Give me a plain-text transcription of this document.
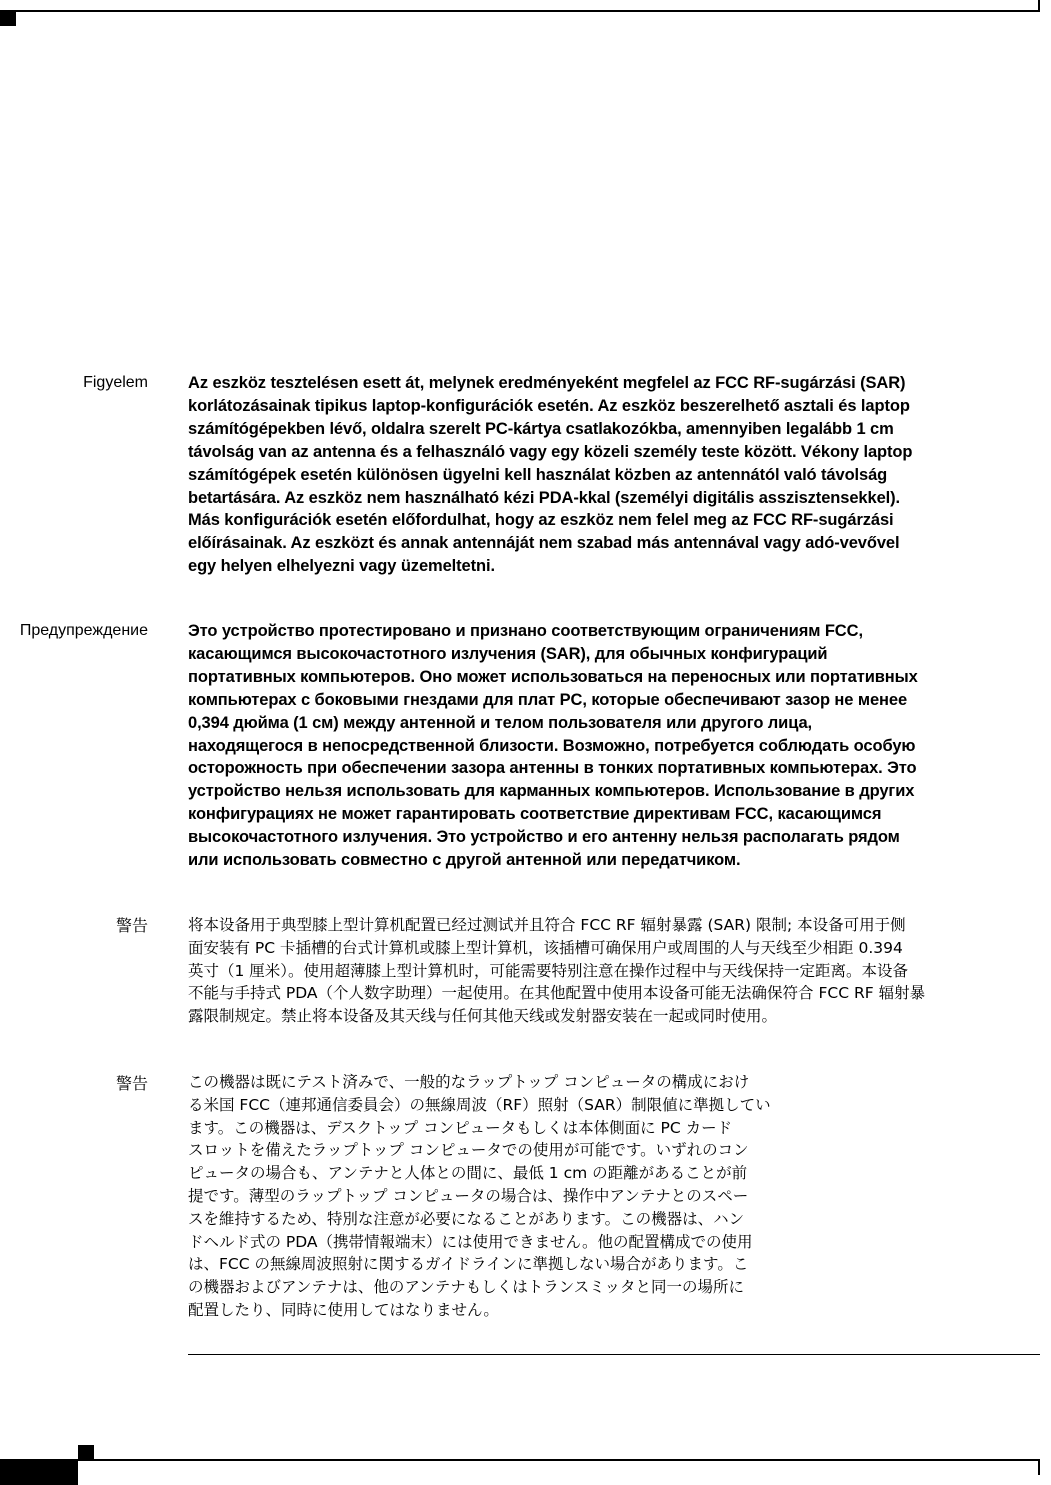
Figyelem Az eszköz tesztelésen esett át, melynek eredményeként megfelel az FCC RF-sugárzási (SAR)
korlátozásainak tipikus laptop-konfigurációk esetén. Az eszköz beszerelhető asztali és laptop
számítógépekben lévő, oldalra szerelt PC-kártya csatlakozókba, amennyiben legalább 1 cm
távolság van az antenna és a felhasználó vagy egy közeli személy teste között. Vékony laptop
számítógépek esetén különösen ügyelni kell használat közben az antennától való távolság
betartására. Az eszköz nem használható kézi PDA-kkal (személyi digitális asszisztensekkel).
Más konfigurációk esetén előfordulhat, hogy az eszköz nem felel meg az FCC RF-sugárzási
előírásainak. Az eszközt és annak antennáját nem szabad más antennával vagy adó-vevővel
egy helyen elhelyezni vagy üzemeltetni.
Предупреждение Это устройство протестировано и признано соответствующим ограничениям FCC,
касающимся высокочастотного излучения (SAR), для обычных конфигураций
портативных компьютеров. Оно может использоваться на переносных или портативных
компьютерах с боковыми гнездами для плат PC, которые обеспечивают зазор не менее
0,394 дюйма (1 см) между антенной и телом пользователя или другого лица,
находящегося в непосредственной близости. Возможно, потребуется соблюдать особую
осторожность при обеспечении зазора антенны в тонких портативных компьютерах. Это
устройство нельзя использовать для карманных компьютеров. Использование в других
конфигурациях не может гарантировать соответствие директивам FCC, касающимся
высокочастотного излучения. Это устройство и его антенну нельзя располагать рядом
или использовать совместно с другой антенной или передатчиком.
警告	将本设备用于典型膝上型计算机配置已经过测试并且符合 FCC RF 辐射暴露 (SAR) 限制; 本设备可用于侧
面安装有 PC 卡插槽的台式计算机或膝上型计算机，该插槽可确保用户或周围的人与天线至少相距 0.394
英寸（1 厘米）。使用超薄膝上型计算机时，可能需要特别注意在操作过程中与天线保持一定距离。本设备
不能与手持式 PDA（个人数字助理）一起使用。在其他配置中使用本设备可能无法确保符合 FCC RF 辐射暴
露限制规定。禁止将本设备及其天线与任何其他天线或发射器安装在一起或同时使用。
警告	この機器は既にテスト済みで、一般的なラップトップ コンピュータの構成におけ
る米国 FCC（連邦通信委員会）の無線周波（RF）照射（SAR）制限値に準拠してい
ます。この機器は、デスクトップ コンピュータもしくは本体側面に PC カード
スロットを備えたラップトップ コンピュータでの使用が可能です。いずれのコン
ピュータの場合も、アンテナと人体との間に、最低 1 cm の距離があることが前
提です。薄型のラップトップ コンピュータの場合は、操作中アンテナとのスペー
スを維持するため、特別な注意が必要になることがあります。この機器は、ハン
ドヘルド式の PDA（携帯情報端末）には使用できません。他の配置構成での使用
は、FCC の無線周波照射に関するガイドラインに準拠しない場合があります。こ
の機器およびアンテナは、他のアンテナもしくはトランスミッタと同一の場所に
配置したり、同時に使用してはなりません。
